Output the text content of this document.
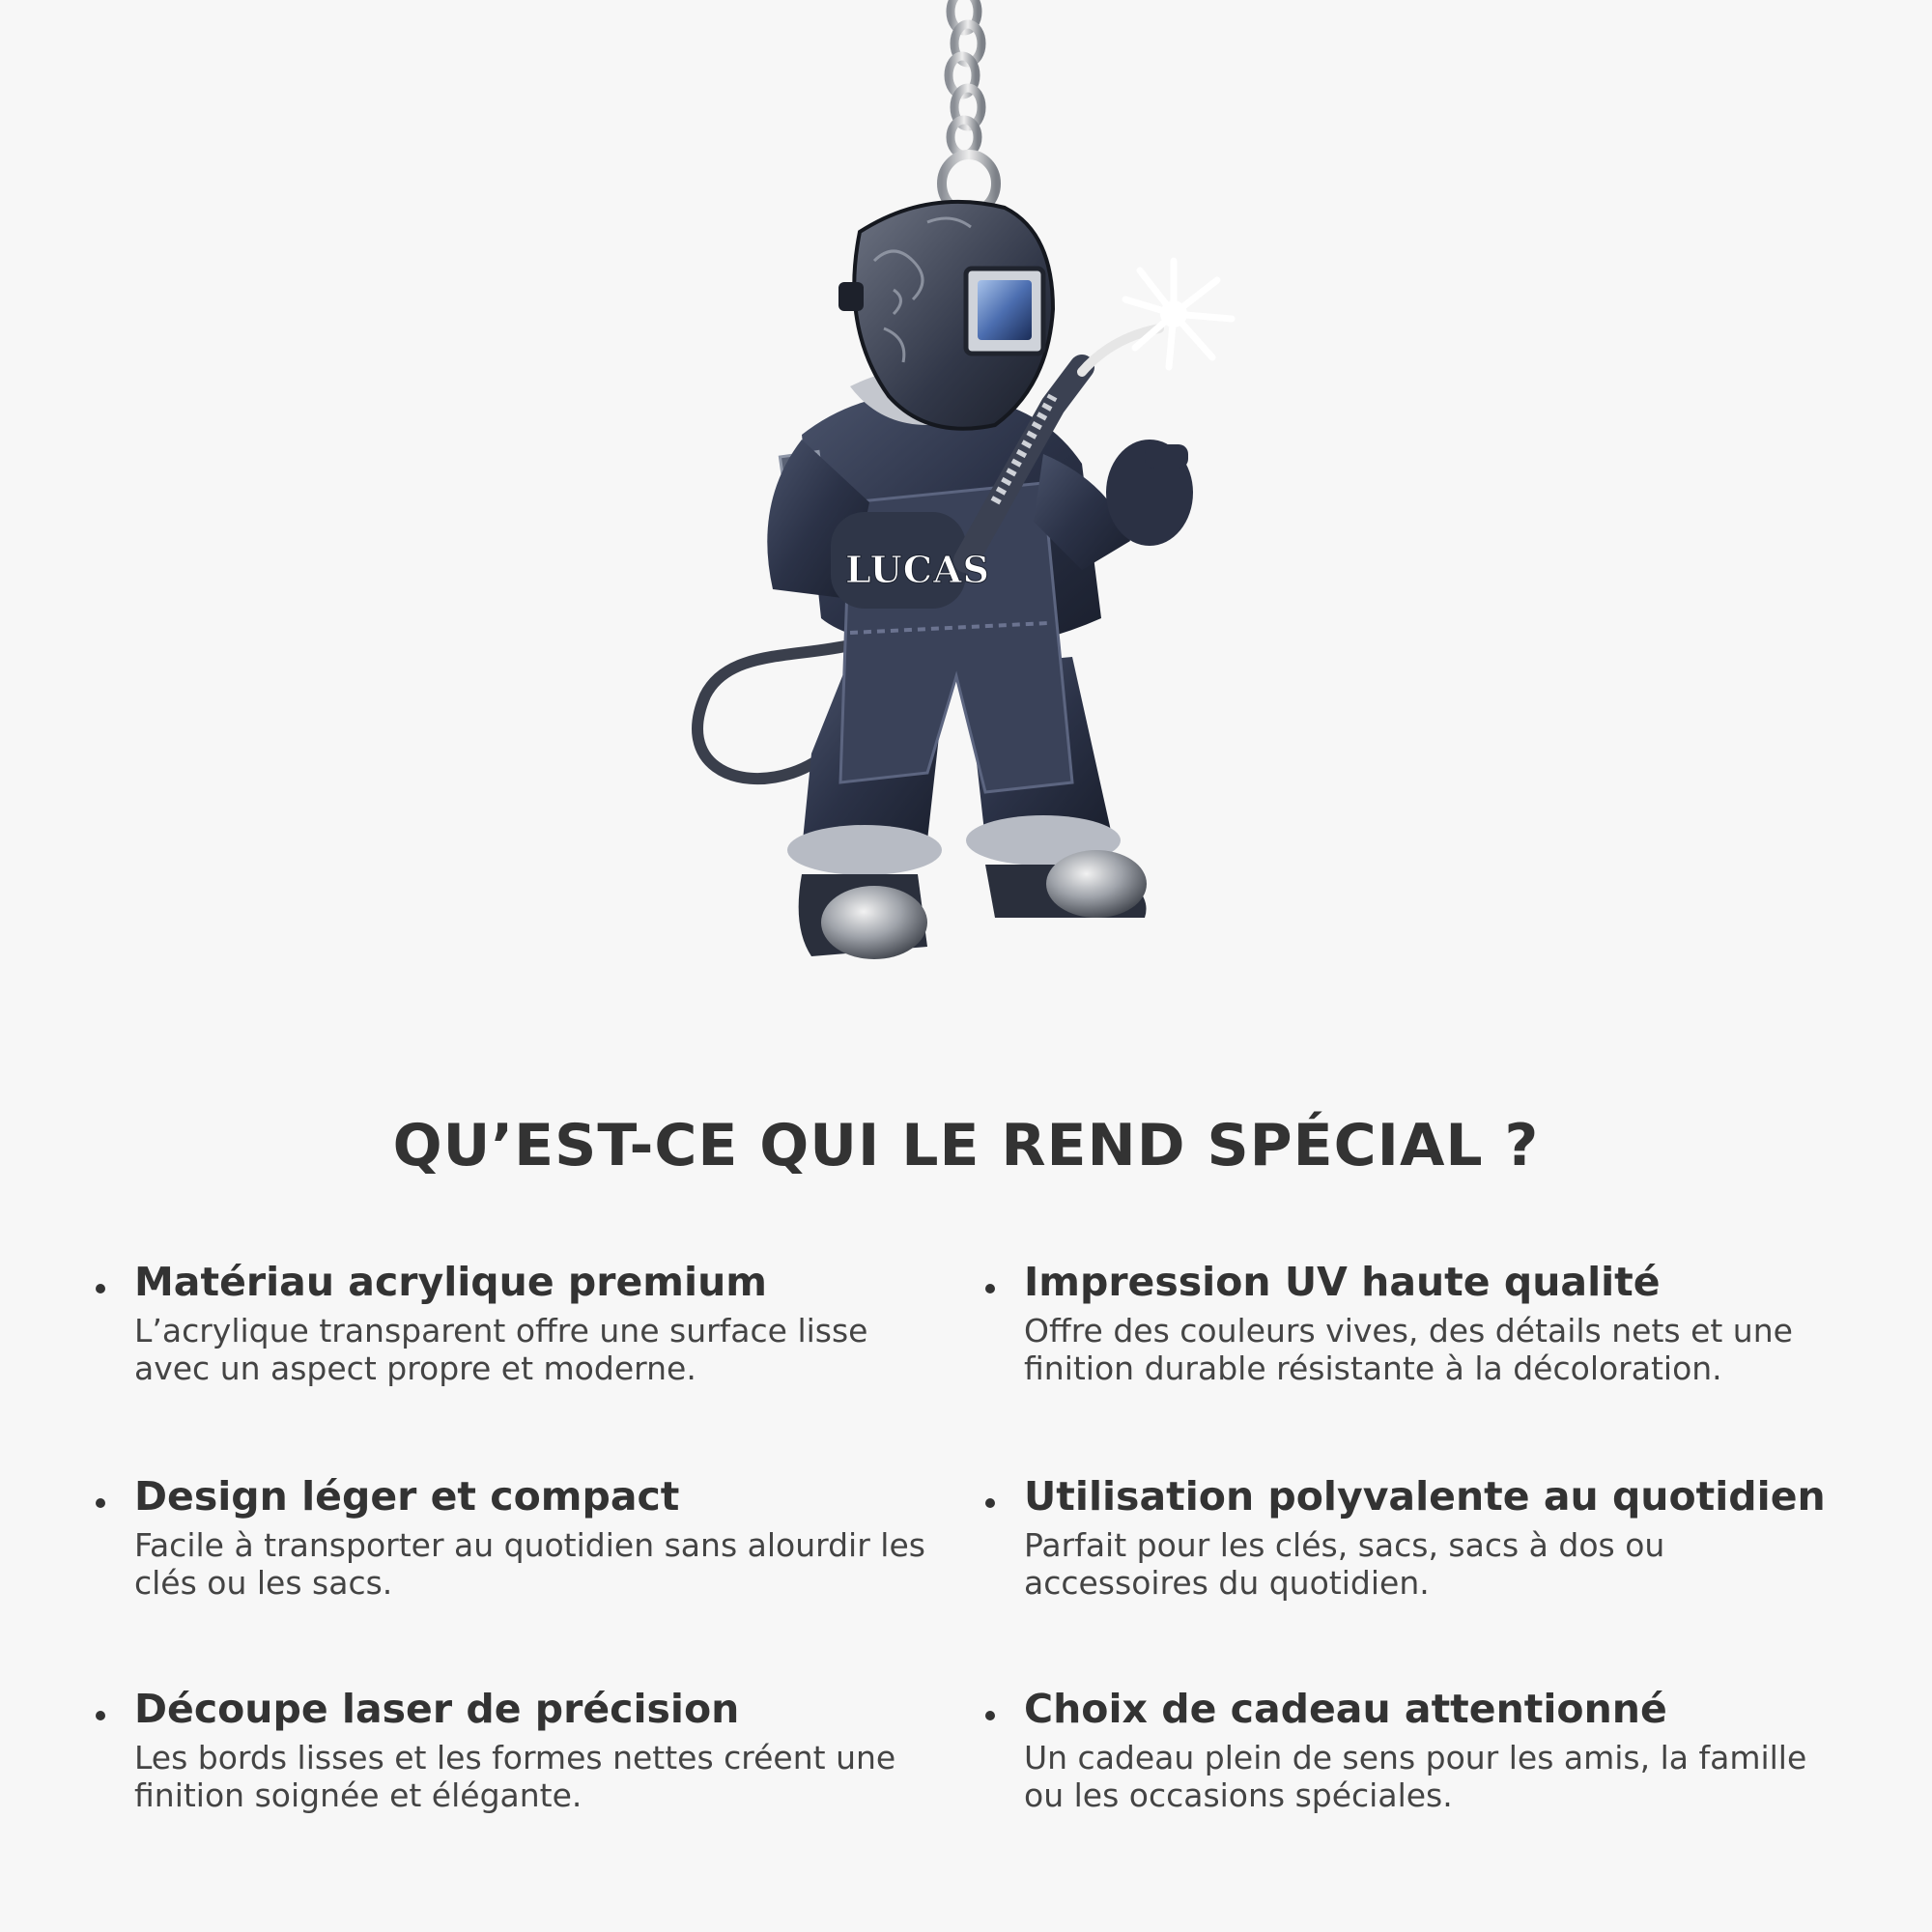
LUCAS
QU’EST-CE QUI LE REND SPÉCIAL ?

Matériau acrylique premium

L’acrylique transparent offre une surface lisse avec un aspect propre et moderne.

Impression UV haute qualité

Offre des couleurs vives, des détails nets et une finition durable résistante à la décoloration.

Design léger et compact

Facile à transporter au quotidien sans alourdir les clés ou les sacs.

Utilisation polyvalente au quotidien

Parfait pour les clés, sacs, sacs à dos ou accessoires du quotidien.

Découpe laser de précision

Les bords lisses et les formes nettes créent une finition soignée et élégante.

Choix de cadeau attentionné

Un cadeau plein de sens pour les amis, la famille ou les occasions spéciales.
